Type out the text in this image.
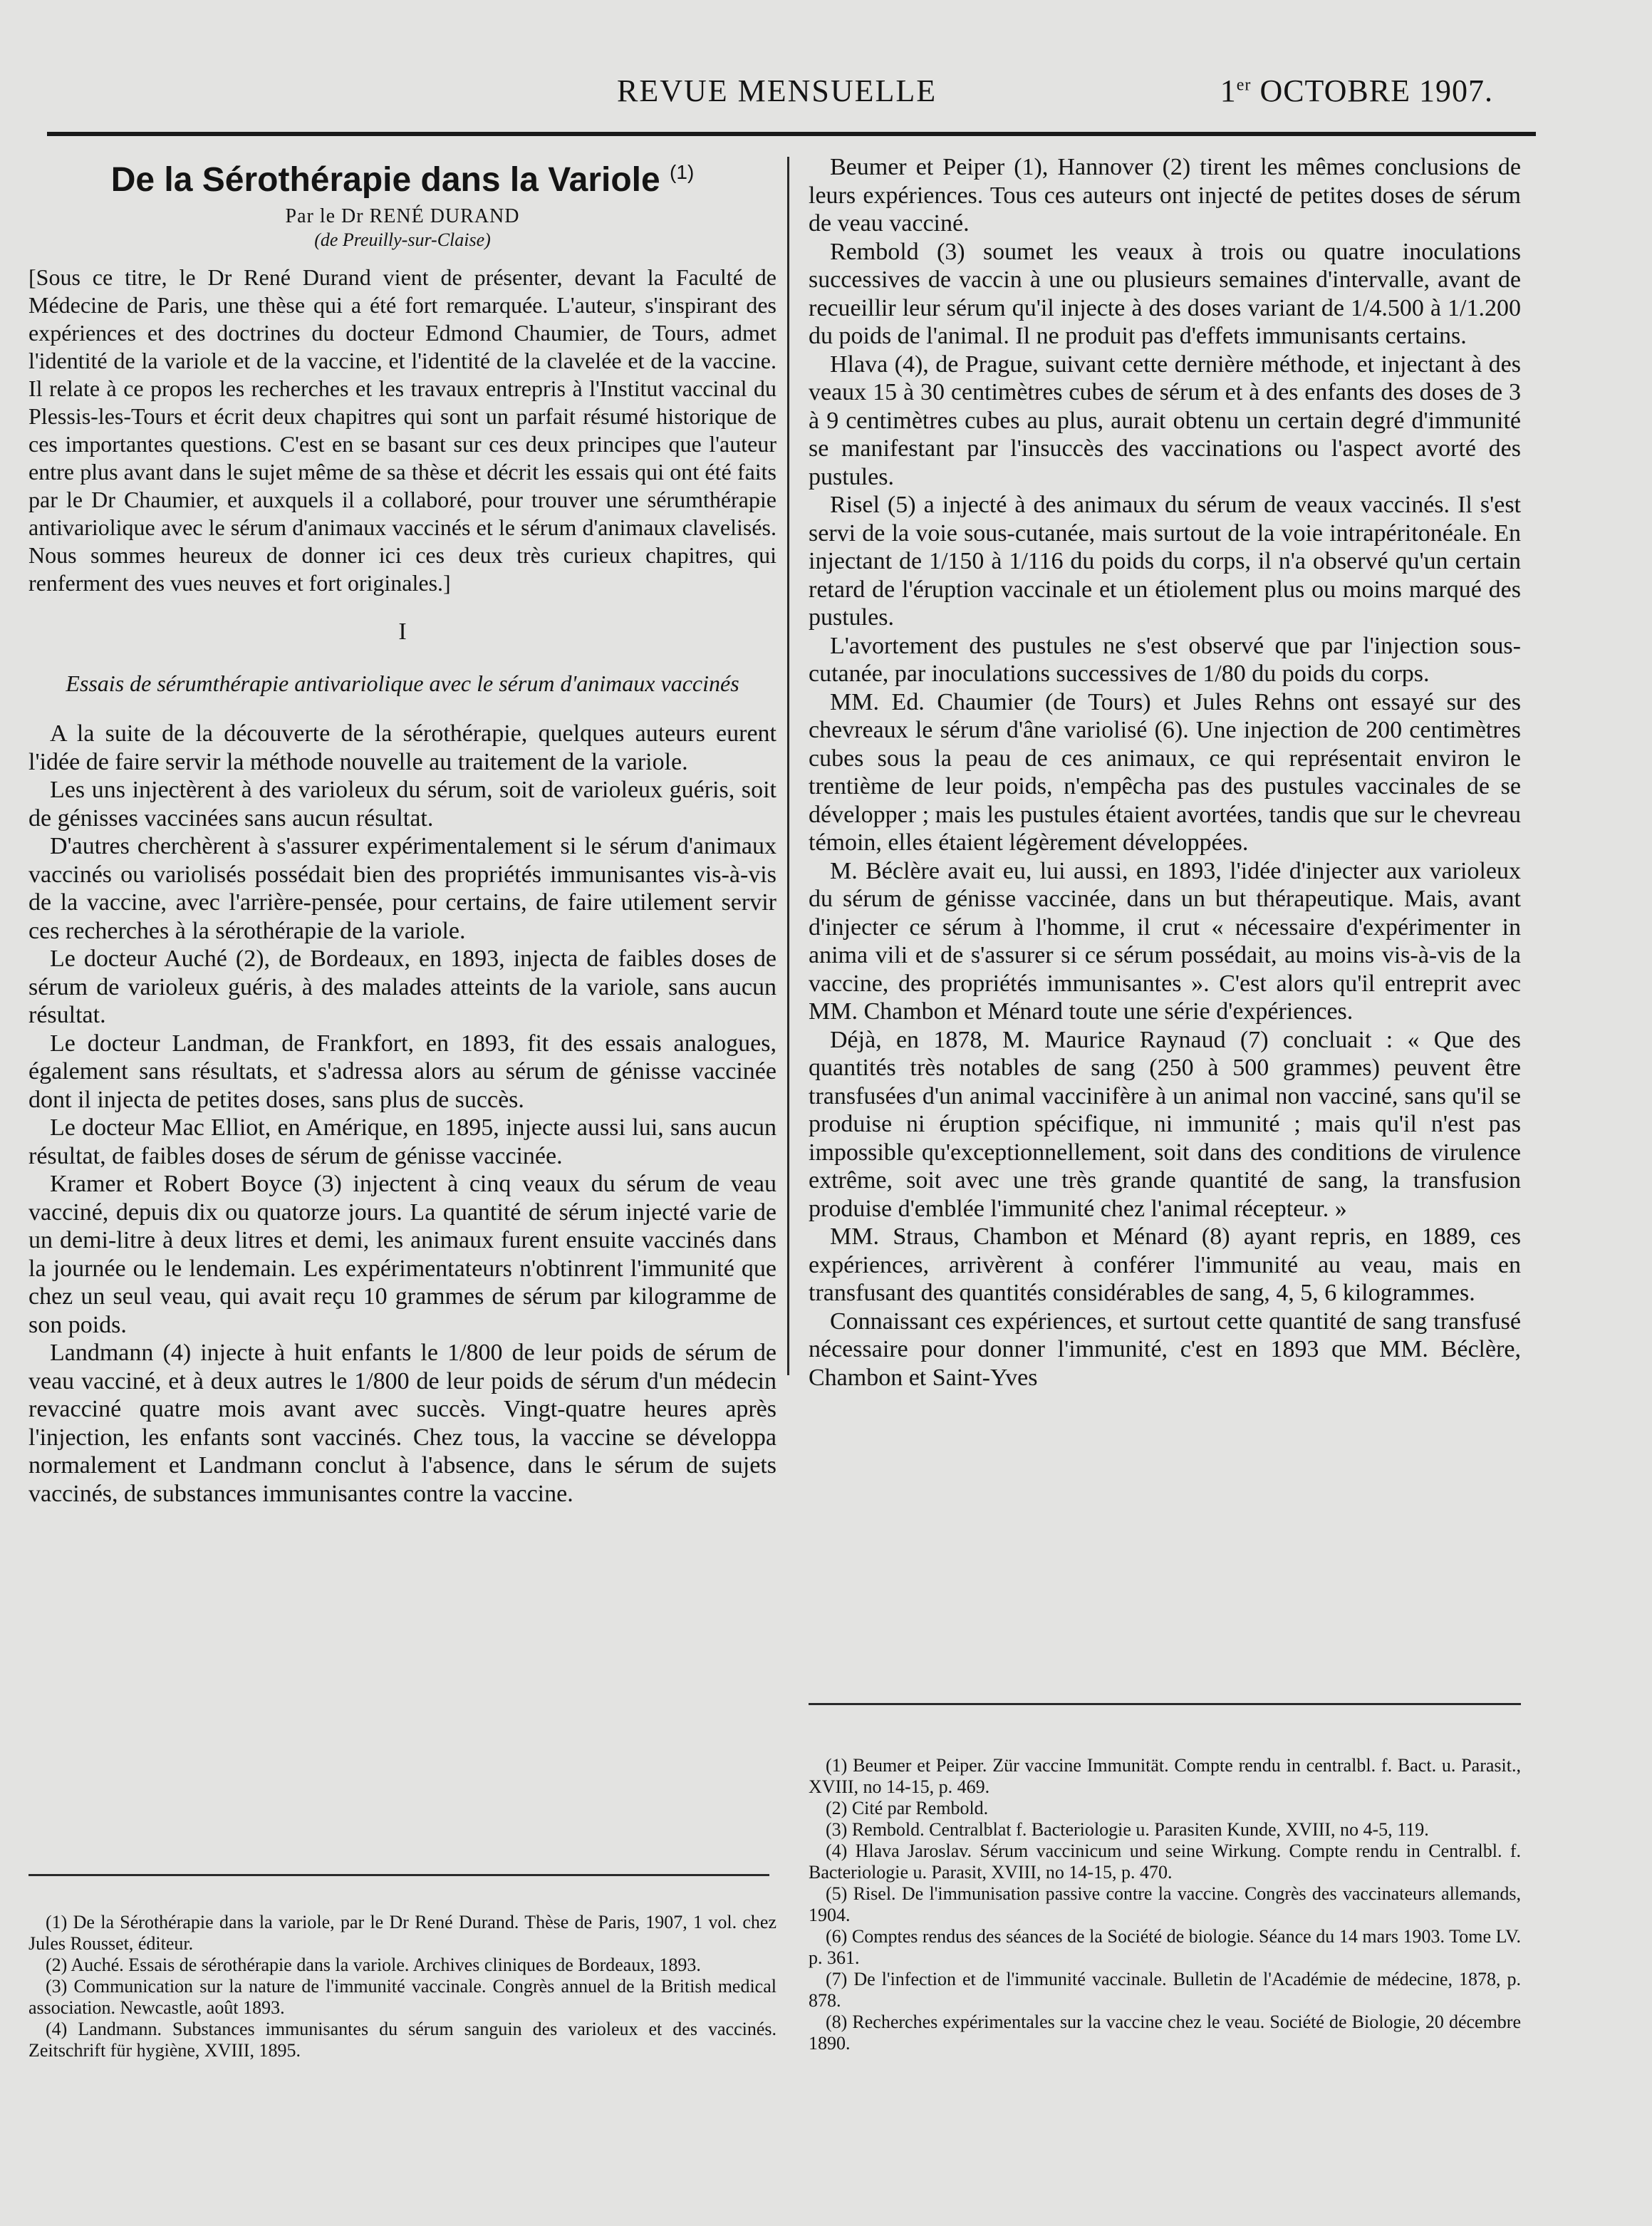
REVUE MENSUELLE	1er OCTOBRE 1907.
De la Sérothérapie dans la Variole $^{(1)}$

Par le Dr RENÉ DURAND

(de Preuilly-sur-Claise)

[Sous ce titre, le Dr René Durand vient de présenter, devant la Faculté de Médecine de Paris, une thèse qui a été fort remarquée. L'auteur, s'inspirant des expériences et des doctrines du docteur Edmond Chaumier, de Tours, admet l'identité de la variole et de la vaccine, et l'identité de la clavelée et de la vaccine. Il relate à ce propos les recherches et les travaux entrepris à l'Institut vaccinal du Plessis-les-Tours et écrit deux chapitres qui sont un parfait résumé historique de ces importantes questions. C'est en se basant sur ces deux principes que l'auteur entre plus avant dans le sujet même de sa thèse et décrit les essais qui ont été faits par le Dr Chaumier, et auxquels il a collaboré, pour trouver une sérumthérapie antivariolique avec le sérum d'animaux vaccinés et le sérum d'animaux clavelisés. Nous sommes heureux de donner ici ces deux très curieux chapitres, qui renferment des vues neuves et fort originales.]

I
Essais de sérumthérapie antivariolique avec le sérum d'animaux vaccinés

A la suite de la découverte de la sérothérapie, quelques auteurs eurent l'idée de faire servir la méthode nouvelle au traitement de la variole.

Les uns injectèrent à des varioleux du sérum, soit de varioleux guéris, soit de génisses vaccinées sans aucun résultat.

D'autres cherchèrent à s'assurer expérimentalement si le sérum d'animaux vaccinés ou variolisés possédait bien des propriétés immunisantes vis-à-vis de la vaccine, avec l'arrière-pensée, pour certains, de faire utilement servir ces recherches à la sérothérapie de la variole.

Le docteur Auché (2), de Bordeaux, en 1893, injecta de faibles doses de sérum de varioleux guéris, à des malades atteints de la variole, sans aucun résultat.

Le docteur Landman, de Frankfort, en 1893, fit des essais analogues, également sans résultats, et s'adressa alors au sérum de génisse vaccinée dont il injecta de petites doses, sans plus de succès.

Le docteur Mac Elliot, en Amérique, en 1895, injecte aussi lui, sans aucun résultat, de faibles doses de sérum de génisse vaccinée.

Kramer et Robert Boyce (3) injectent à cinq veaux du sérum de veau vacciné, depuis dix ou quatorze jours. La quantité de sérum injecté varie de un demi-litre à deux litres et demi, les animaux furent ensuite vaccinés dans la journée ou le lendemain. Les expérimentateurs n'obtinrent l'immunité que chez un seul veau, qui avait reçu 10 grammes de sérum par kilogramme de son poids.

Landmann (4) injecte à huit enfants le 1/800 de leur poids de sérum de veau vacciné, et à deux autres le 1/800 de leur poids de sérum d'un médecin revacciné quatre mois avant avec succès. Vingt-quatre heures après l'injection, les enfants sont vaccinés. Chez tous, la vaccine se développa normalement et Landmann conclut à l'absence, dans le sérum de sujets vaccinés, de substances immunisantes contre la vaccine.

Beumer et Peiper (1), Hannover (2) tirent les mêmes conclusions de leurs expériences. Tous ces auteurs ont injecté de petites doses de sérum de veau vacciné.

Rembold (3) soumet les veaux à trois ou quatre inoculations successives de vaccin à une ou plusieurs semaines d'intervalle, avant de recueillir leur sérum qu'il injecte à des doses variant de 1/4.500 à 1/1.200 du poids de l'animal. Il ne produit pas d'effets immunisants certains.

Hlava (4), de Prague, suivant cette dernière méthode, et injectant à des veaux 15 à 30 centimètres cubes de sérum et à des enfants des doses de 3 à 9 centimètres cubes au plus, aurait obtenu un certain degré d'immunité se manifestant par l'insuccès des vaccinations ou l'aspect avorté des pustules.

Risel (5) a injecté à des animaux du sérum de veaux vaccinés. Il s'est servi de la voie sous-cutanée, mais surtout de la voie intrapéritonéale. En injectant de 1/150 à 1/116 du poids du corps, il n'a observé qu'un certain retard de l'éruption vaccinale et un étiolement plus ou moins marqué des pustules.

L'avortement des pustules ne s'est observé que par l'injection sous-cutanée, par inoculations successives de 1/80 du poids du corps.

MM. Ed. Chaumier (de Tours) et Jules Rehns ont essayé sur des chevreaux le sérum d'âne variolisé (6). Une injection de 200 centimètres cubes sous la peau de ces animaux, ce qui représentait environ le trentième de leur poids, n'empêcha pas des pustules vaccinales de se développer ; mais les pustules étaient avortées, tandis que sur le chevreau témoin, elles étaient légèrement développées.

M. Béclère avait eu, lui aussi, en 1893, l'idée d'injecter aux varioleux du sérum de génisse vaccinée, dans un but thérapeutique. Mais, avant d'injecter ce sérum à l'homme, il crut « nécessaire d'expérimenter in anima vili et de s'assurer si ce sérum possédait, au moins vis-à-vis de la vaccine, des propriétés immunisantes ». C'est alors qu'il entreprit avec MM. Chambon et Ménard toute une série d'expériences.

Déjà, en 1878, M. Maurice Raynaud (7) concluait : « Que des quantités très notables de sang (250 à 500 grammes) peuvent être transfusées d'un animal vaccinifère à un animal non vacciné, sans qu'il se produise ni éruption spécifique, ni immunité ; mais qu'il n'est pas impossible qu'exceptionnellement, soit dans des conditions de virulence extrême, soit avec une très grande quantité de sang, la transfusion produise d'emblée l'immunité chez l'animal récepteur. »

MM. Straus, Chambon et Ménard (8) ayant repris, en 1889, ces expériences, arrivèrent à conférer l'immunité au veau, mais en transfusant des quantités considérables de sang, 4, 5, 6 kilogrammes.

Connaissant ces expériences, et surtout cette quantité de sang transfusé nécessaire pour donner l'immunité, c'est en 1893 que MM. Béclère, Chambon et Saint-Yves

(1) De la Sérothérapie dans la variole, par le Dr René Durand. Thèse de Paris, 1907, 1 vol. chez Jules Rousset, éditeur.

(2) Auché. Essais de sérothérapie dans la variole. Archives cliniques de Bordeaux, 1893.

(3) Communication sur la nature de l'immunité vaccinale. Congrès annuel de la British medical association. Newcastle, août 1893.

(4) Landmann. Substances immunisantes du sérum sanguin des varioleux et des vaccinés. Zeitschrift für hygiène, XVIII, 1895.

(1) Beumer et Peiper. Zür vaccine Immunität. Compte rendu in centralbl. f. Bact. u. Parasit., XVIII, no 14-15, p. 469.

(2) Cité par Rembold.

(3) Rembold. Centralblat f. Bacteriologie u. Parasiten Kunde, XVIII, no 4-5, 119.

(4) Hlava Jaroslav. Sérum vaccinicum und seine Wirkung. Compte rendu in Centralbl. f. Bacteriologie u. Parasit, XVIII, no 14-15, p. 470.

(5) Risel. De l'immunisation passive contre la vaccine. Congrès des vaccinateurs allemands, 1904.

(6) Comptes rendus des séances de la Société de biologie. Séance du 14 mars 1903. Tome LV. p. 361.

(7) De l'infection et de l'immunité vaccinale. Bulletin de l'Académie de médecine, 1878, p. 878.

(8) Recherches expérimentales sur la vaccine chez le veau. Société de Biologie, 20 décembre 1890.
